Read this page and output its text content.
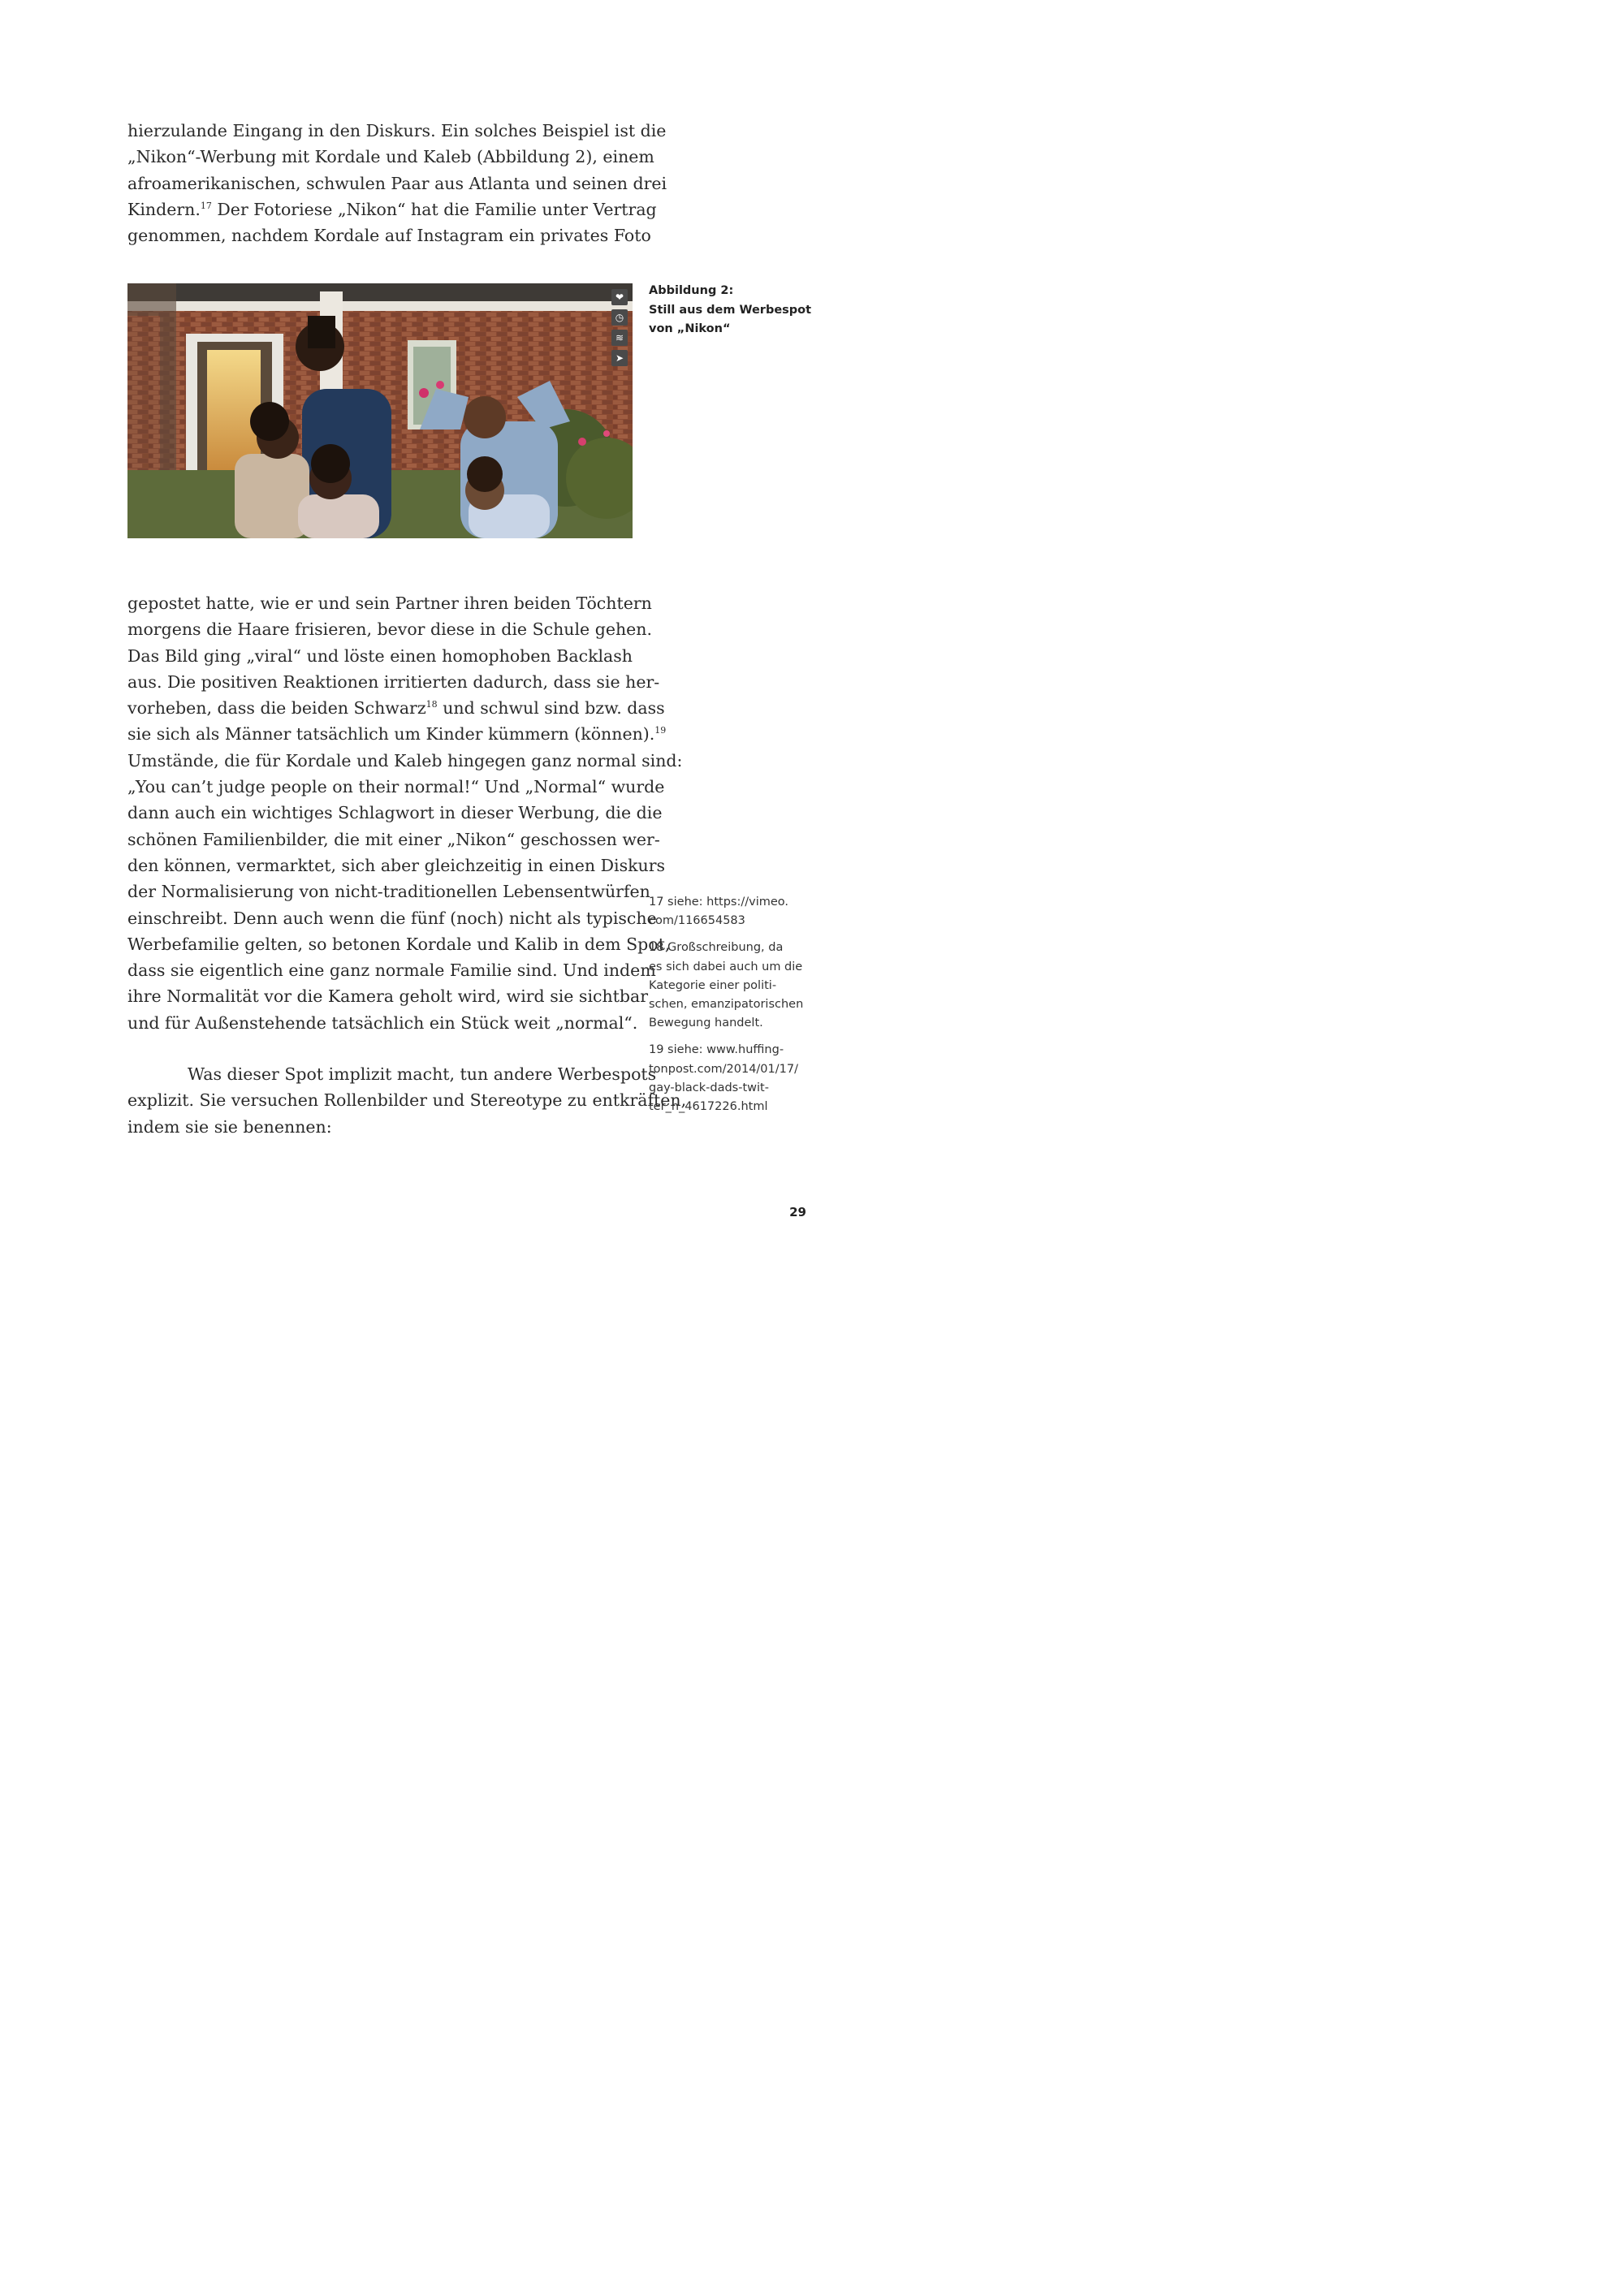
hierzulande Eingang in den Diskurs. Ein solches Beispiel ist die
„Nikon“-Werbung mit Kordale und Kaleb (Abbildung 2), einem
afroamerikanischen, schwulen Paar aus Atlanta und seinen drei
Kindern.$^{17}$ Der Fotoriese „Nikon“ hat die Familie unter Vertrag
genommen, nachdem Kordale auf Instagram ein privates Foto
❤
◷
≋
➤
Abbildung 2:
Still aus dem Werbespot
von „Nikon“
gepostet hatte, wie er und sein Partner ihren beiden Töchtern
morgens die Haare frisieren, bevor diese in die Schule gehen.
Das Bild ging „viral“ und löste einen homophoben Backlash
aus. Die positiven Reaktionen irritierten dadurch, dass sie her-
vorheben, dass die beiden Schwarz$^{18}$ und schwul sind bzw. dass
sie sich als Männer tatsächlich um Kinder kümmern (können).$^{19}$
Umstände, die für Kordale und Kaleb hingegen ganz normal sind:
„You can’t judge people on their normal!“ Und „Normal“ wurde
dann auch ein wichtiges Schlagwort in dieser Werbung, die die
schönen Familienbilder, die mit einer „Nikon“ geschossen wer-
den können, vermarktet, sich aber gleichzeitig in einen Diskurs
der Normalisierung von nicht-traditionellen Lebensentwürfen
einschreibt. Denn auch wenn die fünf (noch) nicht als typische
Werbefamilie gelten, so betonen Kordale und Kalib in dem Spot,
dass sie eigentlich eine ganz normale Familie sind. Und indem
ihre Normalität vor die Kamera geholt wird, wird sie sichtbar
und für Außenstehende tatsächlich ein Stück weit „normal“.
Was dieser Spot implizit macht, tun andere Werbespots
explizit. Sie versuchen Rollenbilder und Stereotype zu entkräften,
indem sie sie benennen:
17 siehe: https://vimeo.
com/116654583
18 Großschreibung, da
es sich dabei auch um die
Kategorie einer politi-
schen, emanzipatorischen
Bewegung handelt.
19 siehe: www.huffing-
tonpost.com/2014/01/17/
gay-black-dads-twit-
ter_n_4617226.html
29
